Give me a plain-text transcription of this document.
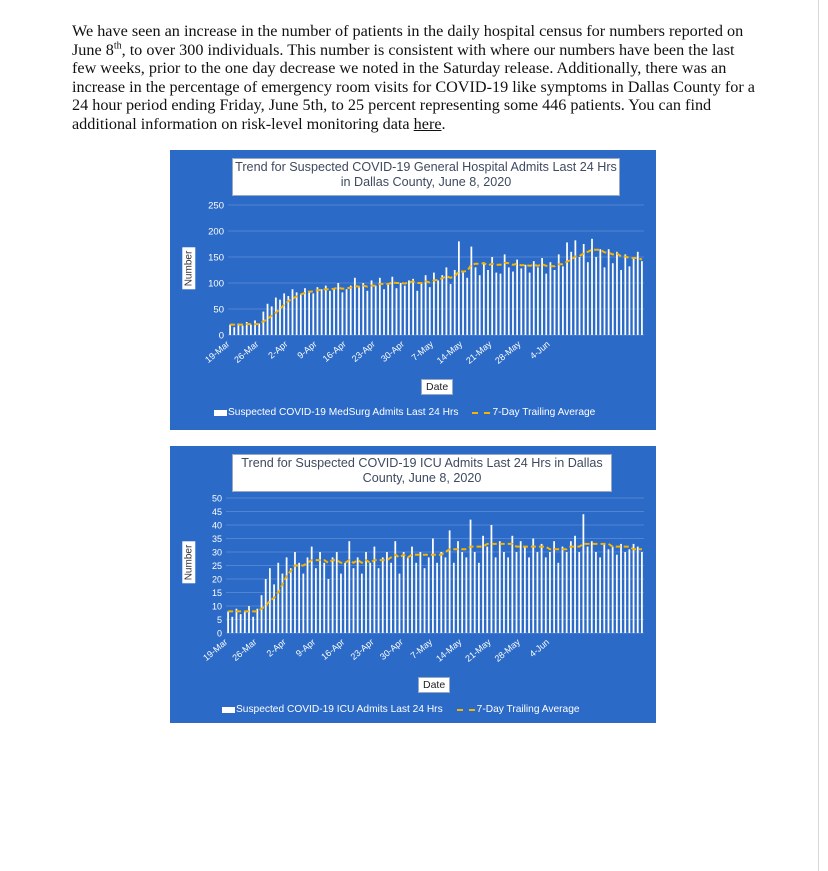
We have seen an increase in the number of patients in the daily hospital census for numbers reported on June 8th, to over 300 individuals. This number is consistent with where our numbers have been the last few weeks, prior to the one day decrease we noted in the Saturday release. Additionally, there was an increase in the percentage of emergency room visits for COVID-19 like symptoms in Dallas County for a 24 hour period ending Friday, June 5th, to 25 percent representing some 446 patients. You can find additional information on risk-level monitoring data here.

Trend for Suspected COVID-19 General Hospital Admits Last 24 Hrs in Dallas County, June 8, 2020
Number
0
50
100
150
200
250
19-Mar 26-Mar 2-Apr 9-Apr 16-Apr 23-Apr 30-Apr 7-May 14-May 21-May 28-May 4-Jun
Date
Suspected COVID-19 MedSurg Admits Last 24 Hrs	7-Day Trailing Average
Trend for Suspected COVID-19 ICU Admits Last 24 Hrs in Dallas County, June 8, 2020
Number
0
5
10
15
20
25
30
35
40
45
50
19-Mar 26-Mar 2-Apr 9-Apr 16-Apr 23-Apr 30-Apr 7-May 14-May 21-May 28-May 4-Jun
Date
Suspected COVID-19 ICU Admits Last 24 Hrs	7-Day Trailing Average
